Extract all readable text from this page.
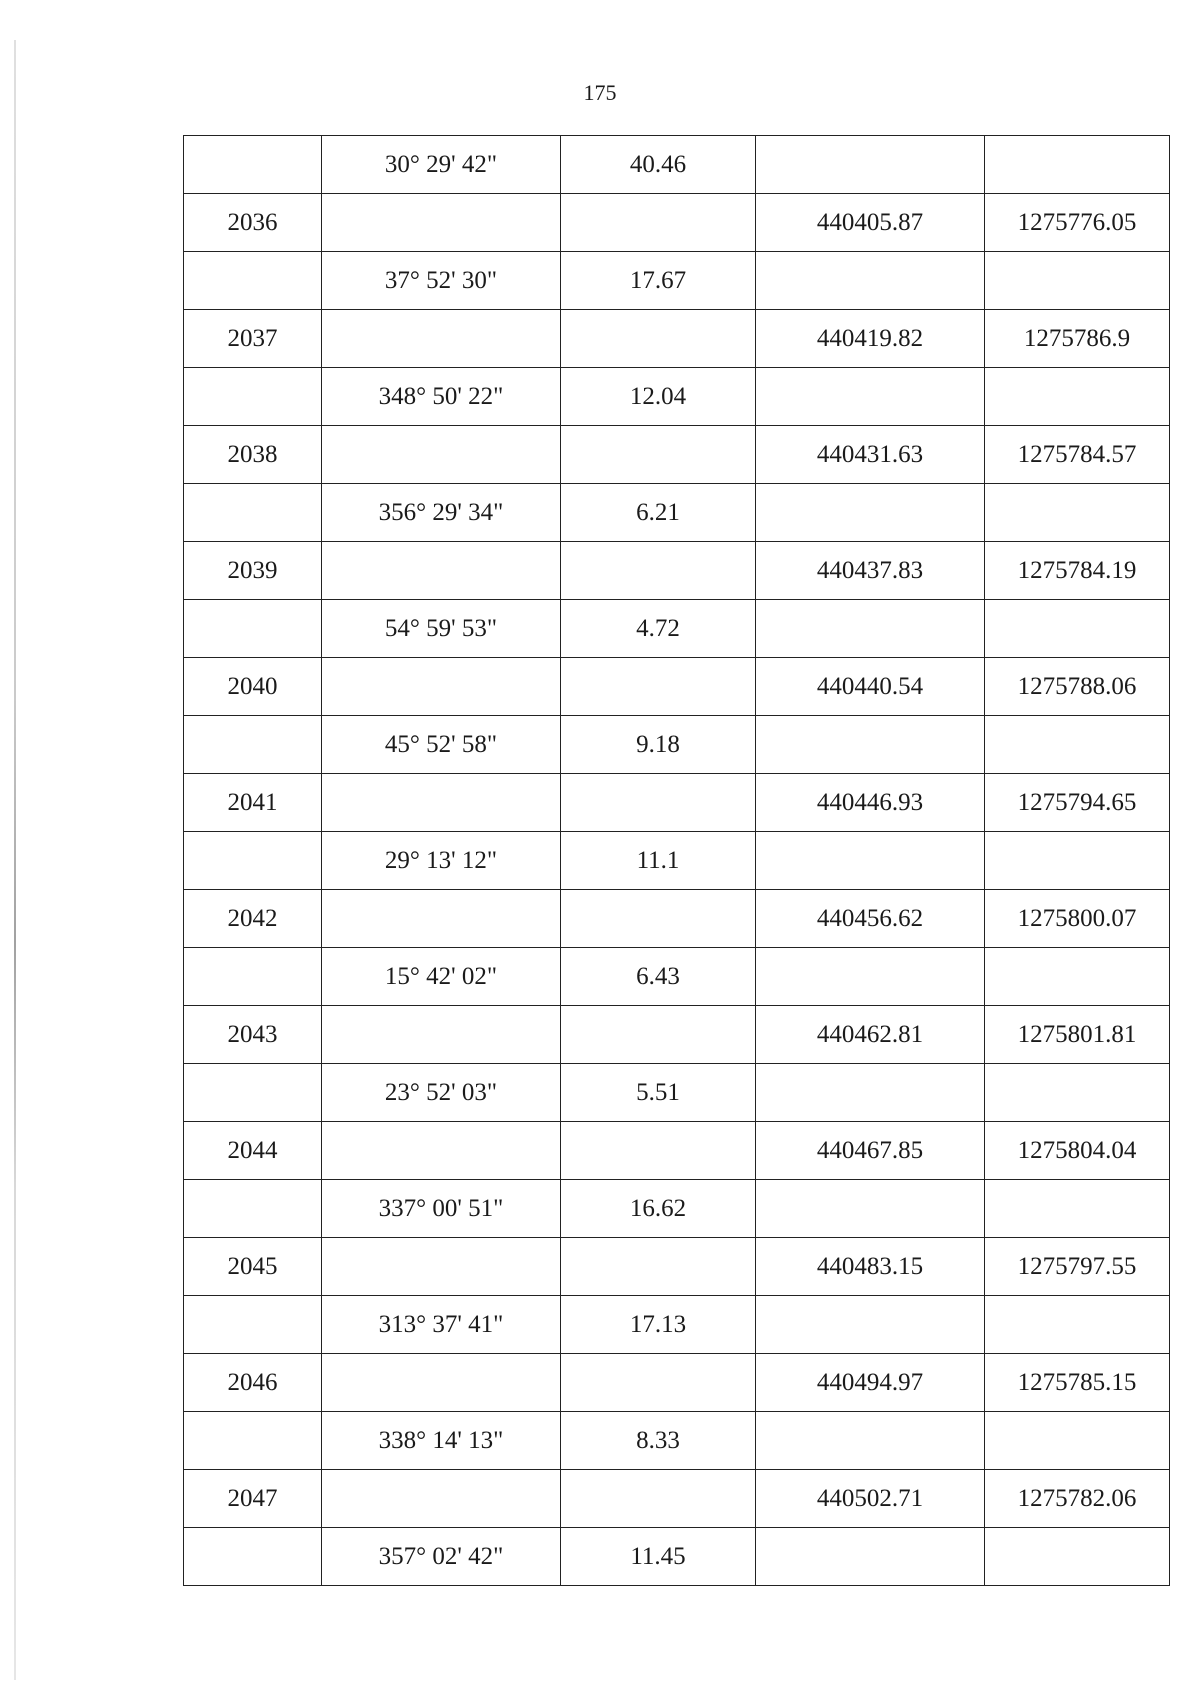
175
	30° 29' 42"	40.46		
2036			440405.87	1275776.05
	37° 52' 30"	17.67		
2037			440419.82	1275786.9
	348° 50' 22"	12.04		
2038			440431.63	1275784.57
	356° 29' 34"	6.21		
2039			440437.83	1275784.19
	54° 59' 53"	4.72		
2040			440440.54	1275788.06
	45° 52' 58"	9.18		
2041			440446.93	1275794.65
	29° 13' 12"	11.1		
2042			440456.62	1275800.07
	15° 42' 02"	6.43		
2043			440462.81	1275801.81
	23° 52' 03"	5.51		
2044			440467.85	1275804.04
	337° 00' 51"	16.62		
2045			440483.15	1275797.55
	313° 37' 41"	17.13		
2046			440494.97	1275785.15
	338° 14' 13"	8.33		
2047			440502.71	1275782.06
	357° 02' 42"	11.45		
